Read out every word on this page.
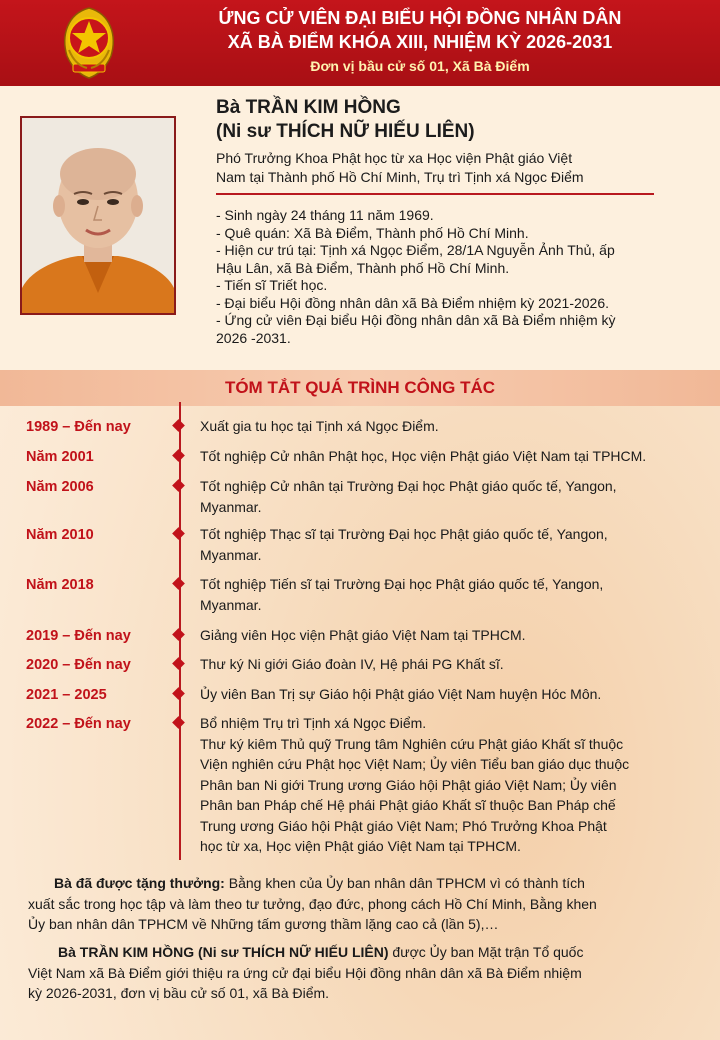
ỨNG CỬ VIÊN ĐẠI BIỂU HỘI ĐỒNG NHÂN DÂN
XÃ BÀ ĐIỂM KHÓA XIII, NHIỆM KỲ 2026-2031
Đơn vị bầu cử số 01, Xã Bà Điểm
Bà TRẦN KIM HỒNG
(Ni sư THÍCH NỮ HIẾU LIÊN)
Phó Trưởng Khoa Phật học từ xa Học viện Phật giáo Việt
Nam tại Thành phố Hồ Chí Minh, Trụ trì Tịnh xá Ngọc Điểm
- Sinh ngày 24 tháng 11 năm 1969.
- Quê quán: Xã Bà Điểm, Thành phố Hồ Chí Minh.
- Hiện cư trú tại: Tịnh xá Ngọc Điểm, 28/1A Nguyễn Ảnh Thủ, ấp
Hậu Lân, xã Bà Điểm, Thành phố Hồ Chí Minh.
- Tiến sĩ Triết học.
- Đại biểu Hội đồng nhân dân xã Bà Điểm nhiệm kỳ 2021-2026.
- Ứng cử viên Đại biểu Hội đồng nhân dân xã Bà Điểm nhiệm kỳ
2026 -2031.
TÓM TẮT QUÁ TRÌNH CÔNG TÁC
1989 – Đến nay	Xuất gia tu học tại Tịnh xá Ngọc Điểm.
Năm 2001	Tốt nghiệp Cử nhân Phật học, Học viện Phật giáo Việt Nam tại TPHCM.
Năm 2006	Tốt nghiệp Cử nhân tại Trường Đại học Phật giáo quốc tế, Yangon,
Myanmar.
Năm 2010	Tốt nghiệp Thạc sĩ tại Trường Đại học Phật giáo quốc tế, Yangon,
Myanmar.
Năm 2018	Tốt nghiệp Tiến sĩ tại Trường Đại học Phật giáo quốc tế, Yangon,
Myanmar.
2019 – Đến nay	Giảng viên Học viện Phật giáo Việt Nam tại TPHCM.
2020 – Đến nay	Thư ký Ni giới Giáo đoàn IV, Hệ phái PG Khất sĩ.
2021 – 2025	Ủy viên Ban Trị sự Giáo hội Phật giáo Việt Nam huyện Hóc Môn.
2022 – Đến nay	Bổ nhiệm Trụ trì Tịnh xá Ngọc Điểm.
Thư ký kiêm Thủ quỹ Trung tâm Nghiên cứu Phật giáo Khất sĩ thuộc
Viện nghiên cứu Phật học Việt Nam; Ủy viên Tiểu ban giáo dục thuộc
Phân ban Ni giới Trung ương Giáo hội Phật giáo Việt Nam; Ủy viên
Phân ban Pháp chế Hệ phái Phật giáo Khất sĩ thuộc Ban Pháp chế
Trung ương Giáo hội Phật giáo Việt Nam; Phó Trưởng Khoa Phật
học từ xa, Học viện Phật giáo Việt Nam tại TPHCM.
Bà đã được tặng thưởng: Bằng khen của Ủy ban nhân dân TPHCM vì có thành tích
xuất sắc trong học tập và làm theo tư tưởng, đạo đức, phong cách Hồ Chí Minh, Bằng khen
Ủy ban nhân dân TPHCM về Những tấm gương thầm lặng cao cả (lần 5),…
Bà TRẦN KIM HỒNG (Ni sư THÍCH NỮ HIẾU LIÊN) được Ủy ban Mặt trận Tổ quốc
Việt Nam xã Bà Điểm giới thiệu ra ứng cử đại biểu Hội đồng nhân dân xã Bà Điểm nhiệm
kỳ 2026-2031, đơn vị bầu cử số 01, xã Bà Điểm.
